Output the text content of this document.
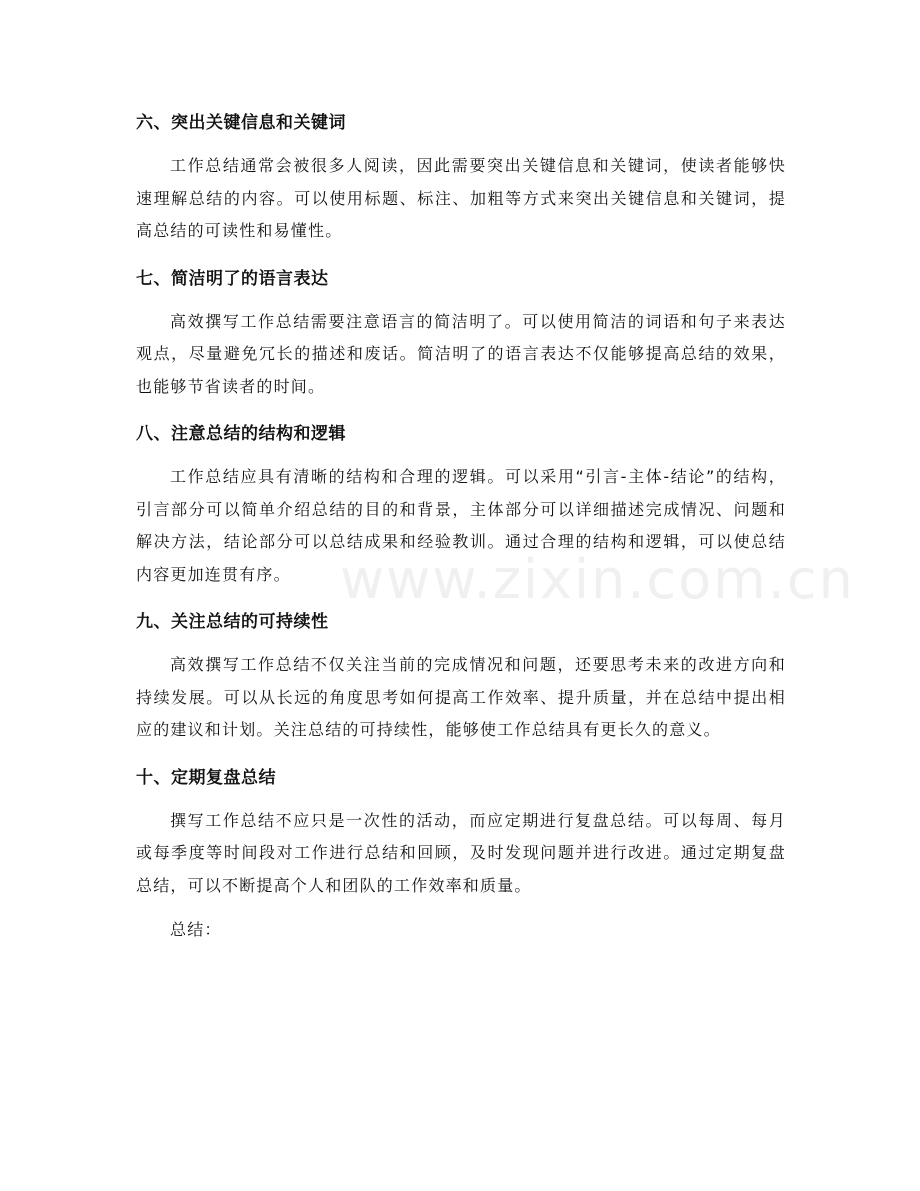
www.zixin.com.cn
六、突出关键信息和关键词

工作总结通常会被很多人阅读，因此需要突出关键信息和关键词，使读者能够快速理解总结的内容。可以使用标题、标注、加粗等方式来突出关键信息和关键词，提高总结的可读性和易懂性。

七、简洁明了的语言表达

高效撰写工作总结需要注意语言的简洁明了。可以使用简洁的词语和句子来表达观点，尽量避免冗长的描述和废话。简洁明了的语言表达不仅能够提高总结的效果，也能够节省读者的时间。

八、注意总结的结构和逻辑

工作总结应具有清晰的结构和合理的逻辑。可以采用“引言-主体-结论”的结构，引言部分可以简单介绍总结的目的和背景，主体部分可以详细描述完成情况、问题和解决方法，结论部分可以总结成果和经验教训。通过合理的结构和逻辑，可以使总结内容更加连贯有序。

九、关注总结的可持续性

高效撰写工作总结不仅关注当前的完成情况和问题，还要思考未来的改进方向和持续发展。可以从长远的角度思考如何提高工作效率、提升质量，并在总结中提出相应的建议和计划。关注总结的可持续性，能够使工作总结具有更长久的意义。

十、定期复盘总结

撰写工作总结不应只是一次性的活动，而应定期进行复盘总结。可以每周、每月或每季度等时间段对工作进行总结和回顾，及时发现问题并进行改进。通过定期复盘总结，可以不断提高个人和团队的工作效率和质量。

总结：
